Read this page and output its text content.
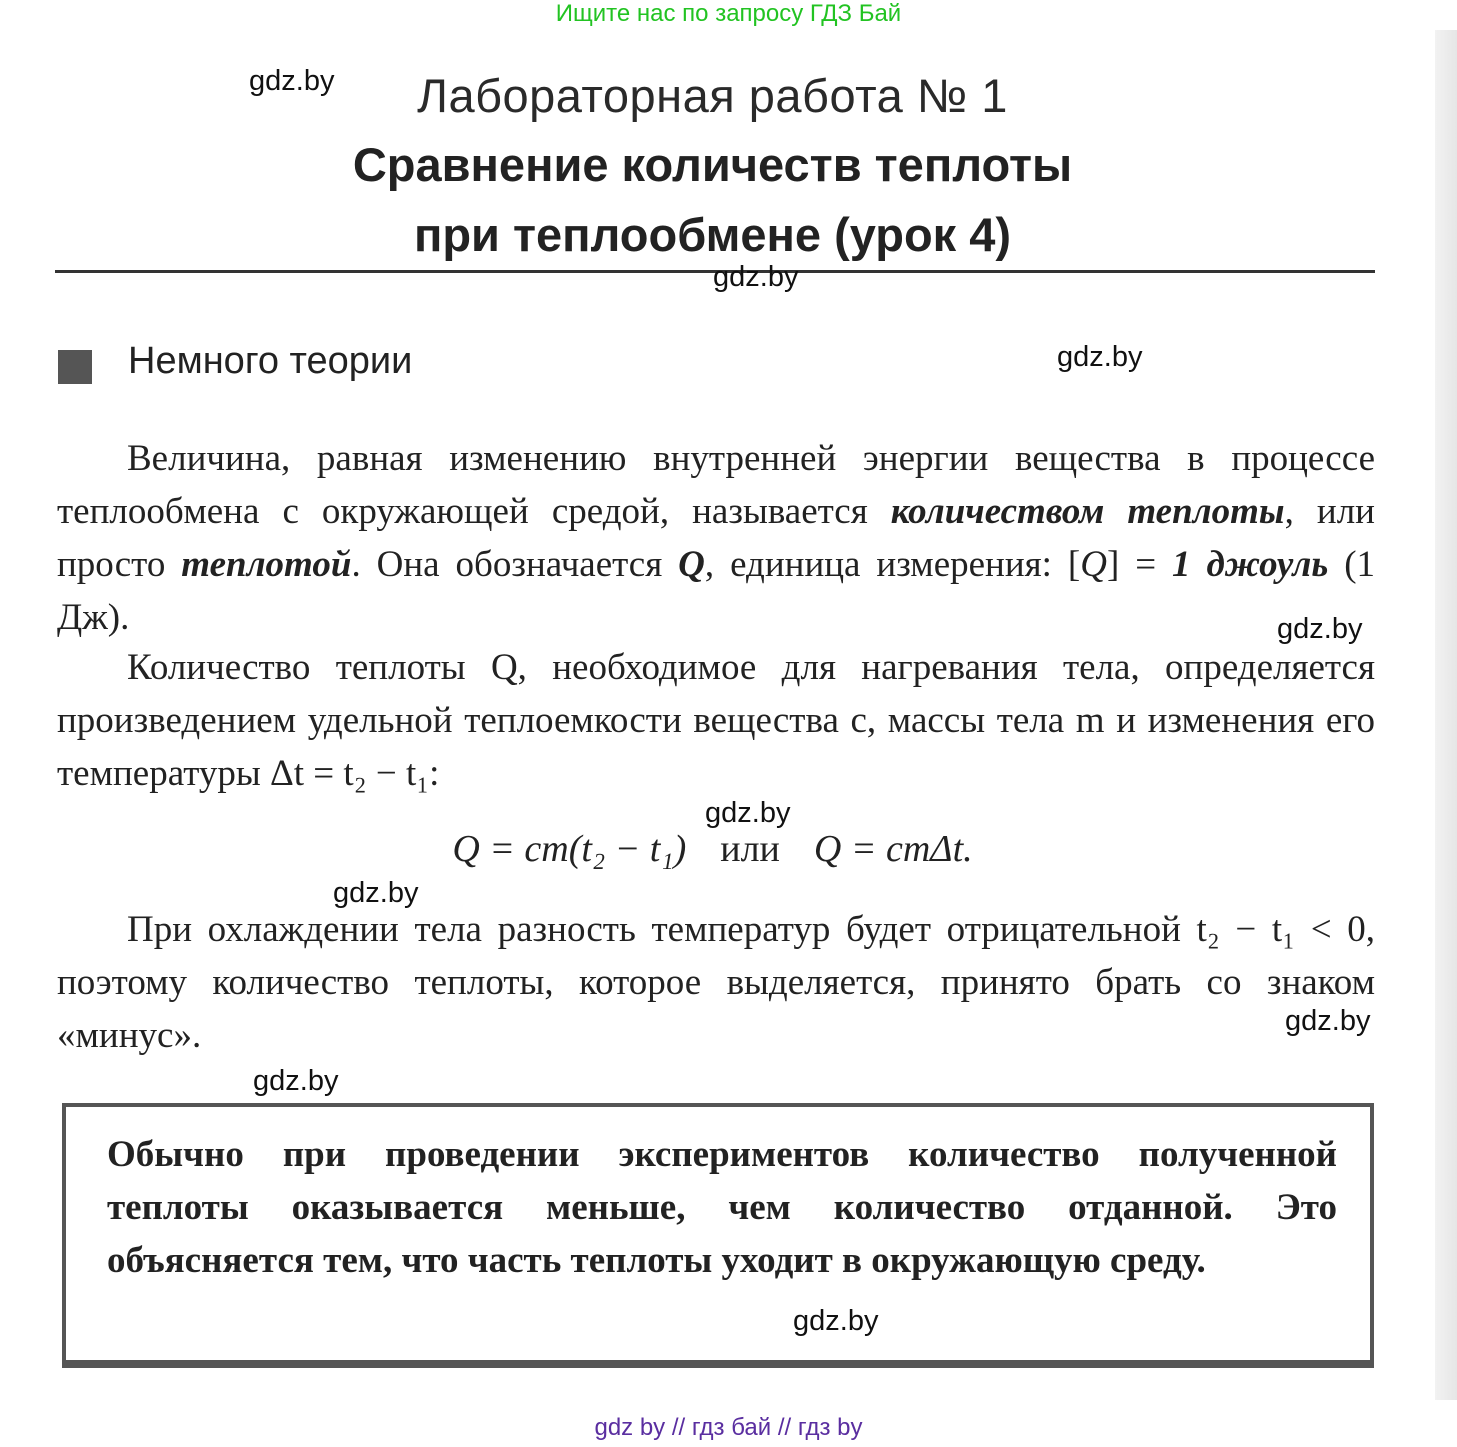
Ищите нас по запросу ГДЗ Бай
Лабораторная работа № 1
Сравнение количеств теплоты
при теплообмене (урок 4)
Немного теории
Величина, равная изменению внутренней энергии вещества в процессе теплообмена с окружающей средой, называется количеством теплоты, или просто теплотой. Она обозначается Q, единица измерения: [Q] = 1 джоуль (1 Дж).
Количество теплоты Q, необходимое для нагревания тела, определяется произведением удельной теплоемкости вещества c, массы тела m и изменения его температуры Δt = t₂ − t₁:
Q = cm(t₂ − t₁) или Q = cmΔt.
При охлаждении тела разность температур будет отрицательной t₂ − t₁ < 0, поэтому количество теплоты, которое выделяется, принято брать со знаком «минус».
Обычно при проведении экспериментов количество полученной теплоты оказывается меньше, чем количество отданной. Это объясняется тем, что часть теплоты уходит в окружающую среду.
gdz.by
gdz.by
gdz.by
gdz.by
gdz.by
gdz.by
gdz.by
gdz.by
gdz.by
gdz by // гдз бай // гдз by
